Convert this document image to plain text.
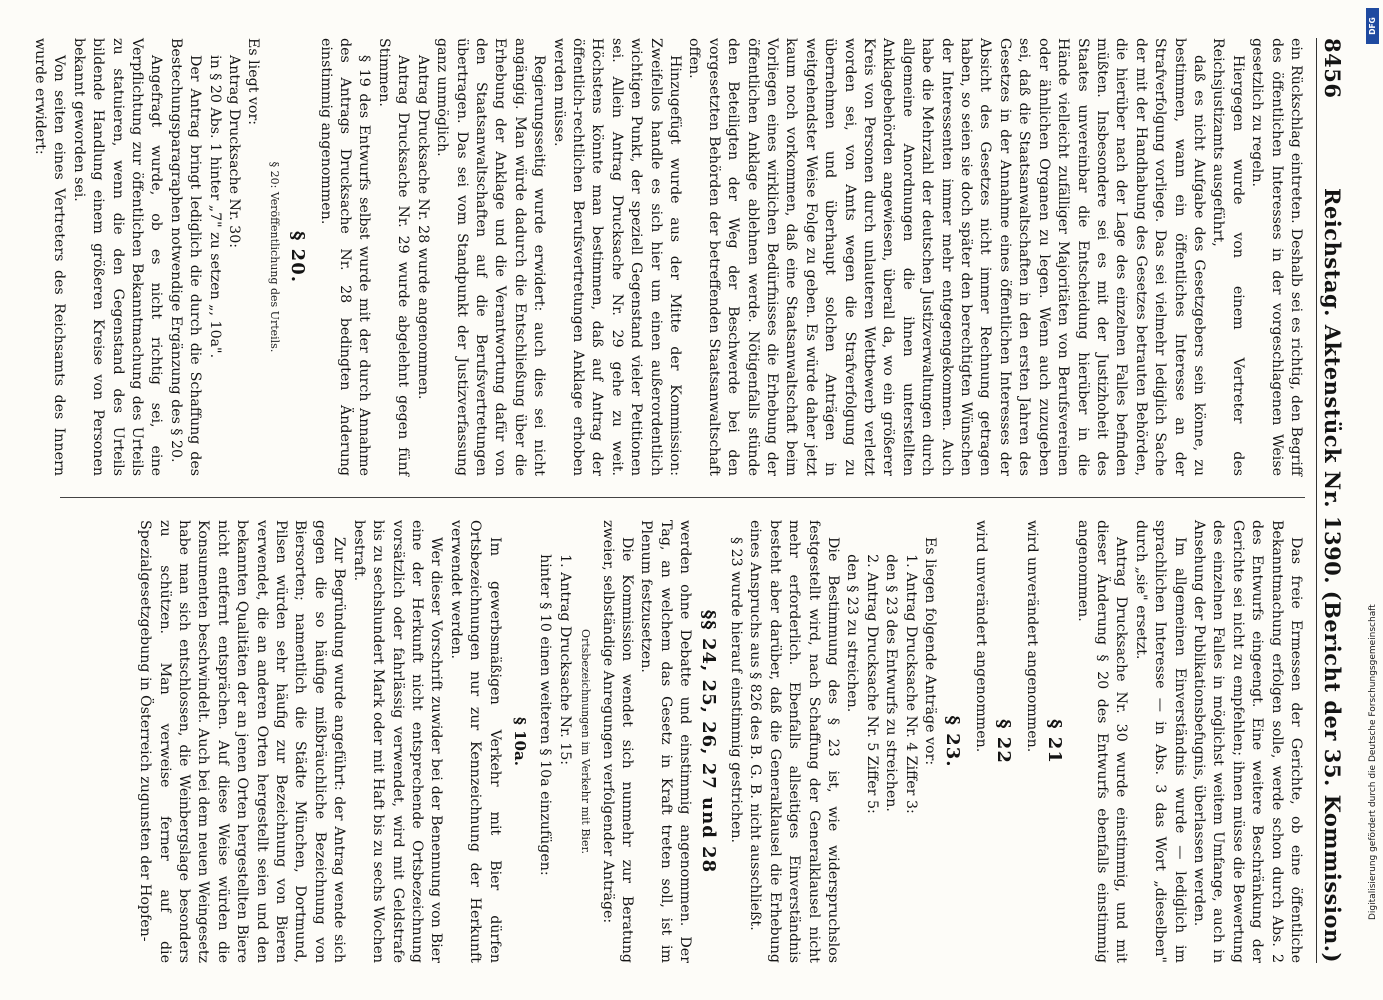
8456
Reichstag. Aktenstück Nr. 1390.
(Bericht der 35. Kommission.)

ein Rückschlag eintreten. Deshalb sei es richtig, den Begriff des öffentlichen Interesses in der vorgeschlagenen Weise gesetzlich zu regeln.

Hiergegen wurde von einem Vertreter des Reichsjustizamts ausgeführt,

daß es nicht Aufgabe des Gesetzgebers sein könne, zu bestimmen, wann ein öffentliches Interesse an der Strafverfolgung vorliege. Das sei vielmehr lediglich Sache der mit der Handhabung des Gesetzes betrauten Behörden, die hierüber nach der Lage des einzelnen Falles befinden müßten. Insbesondere sei es mit der Justizhoheit des Staates unvereinbar die Entscheidung hierüber in die Hände vielleicht zufälliger Majoritäten von Berufsvereinen oder ähnlichen Organen zu legen. Wenn auch zuzugeben sei, daß die Staatsanwaltschaften in den ersten Jahren des Gesetzes in der Annahme eines öffentlichen Interesses der Absicht des Gesetzes nicht immer Rechnung getragen haben, so seien sie doch später den berechtigten Wünschen der Interessenten immer mehr entgegengekommen. Auch habe die Mehrzahl der deutschen Justizverwaltungen durch allgemeine Anordnungen die ihnen unterstellten Anklagebehörden angewiesen, überall da, wo ein größerer Kreis von Personen durch unlauteren Wettbewerb verletzt worden sei, von Amts wegen die Strafverfolgung zu übernehmen und überhaupt solchen Anträgen in weitgehendster Weise Folge zu geben. Es würde daher jetzt kaum noch vorkommen, daß eine Staatsanwaltschaft beim Vorliegen eines wirklichen Bedürfnisses die Erhebung der öffentlichen Anklage ablehnen werde. Nötigenfalls stünde den Beteiligten der Weg der Beschwerde bei den vorgesetzten Behörden der betreffenden Staatsanwaltschaft offen.

Hinzugefügt wurde aus der Mitte der Kommission: Zweifellos handle es sich hier um einen außerordentlich wichtigen Punkt, der speziell Gegenstand vieler Petitionen sei. Allein Antrag Drucksache Nr. 29 gehe zu weit. Höchstens könnte man bestimmen, daß auf Antrag der öffentlich-rechtlichen Berufsvertretungen Anklage erhoben werden müsse.

Regierungsseitig wurde erwidert: auch dies sei nicht angängig. Man würde dadurch die Entschließung über die Erhebung der Anklage und die Verantwortung dafür von den Staatsanwaltschaften auf die Berufsvertretungen übertragen. Das sei vom Standpunkt der Justizverfassung ganz unmöglich.

Antrag Drucksache Nr. 28 wurde angenommen.

Antrag Drucksache Nr. 29 wurde abgelehnt gegen fünf Stimmen.

§ 19 des Entwurfs selbst wurde mit der durch Annahme des Antrags Drucksache Nr. 28 bedingten Änderung einstimmig angenommen.

§ 20.
§ 20: Veröffentlichung des Urteils.

Es liegt vor:

Antrag Drucksache Nr. 30:

in § 20 Abs. 1 hinter „7" zu setzen „, 10a".

Der Antrag bringt lediglich die durch die Schaffung des Bestechungsparagraphen notwendige Ergänzung des § 20.

Angefragt wurde, ob es nicht richtig sei, eine Verpflichtung zur öffentlichen Bekanntmachung des Urteils zu statuieren, wenn die den Gegenstand des Urteils bildende Handlung einem größeren Kreise von Personen bekannt geworden sei.

Von seiten eines Vertreters des Reichsamts des Innern wurde erwidert:

Das freie Ermessen der Gerichte, ob eine öffentliche Bekanntmachung erfolgen solle, werde schon durch Abs. 2 des Entwurfs eingeengt. Eine weitere Beschränkung der Gerichte sei nicht zu empfehlen; ihnen müsse die Bewertung des einzelnen Falles in möglichst weitem Umfange, auch in Ansehung der Publikationsbefugnis, überlassen werden.

Im allgemeinen Einverständnis wurde — lediglich im sprachlichen Interesse — in Abs. 3 das Wort „dieselben" durch „sie" ersetzt.

Antrag Drucksache Nr. 30 wurde einstimmig, und mit dieser Änderung § 20 des Entwurfs ebenfalls einstimmig angenommen.

§ 21

wird unverändert angenommen.

§ 22

wird unverändert angenommen.

§ 23.

Es liegen folgende Anträge vor:

1. Antrag Drucksache Nr. 4 Ziffer 3:

den § 23 des Entwurfs zu streichen.

2. Antrag Drucksache Nr. 5 Ziffer 5:

den § 23 zu streichen.

Die Bestimmung des § 23 ist, wie widerspruchslos festgestellt wird, nach Schaffung der Generalklausel nicht mehr erforderlich. Ebenfalls allseitiges Einverständnis besteht aber darüber, daß die Generalklausel die Erhebung eines Anspruchs aus § 826 des B. G. B. nicht ausschließt.

§ 23 wurde hierauf einstimmig gestrichen.

§§ 24, 25, 26, 27 und 28

werden ohne Debatte und einstimmig angenommen. Der Tag, an welchem das Gesetz in Kraft treten soll, ist im Plenum festzusetzen.

Die Kommission wendet sich nunmehr zur Beratung zweier, selbständige Anregungen verfolgender Anträge:

Ortsbezeichnungen im Verkehr mit Bier.

1. Antrag Drucksache Nr. 15:

hinter § 10 einen weiteren § 10a einzufügen:

§ 10a.

Im gewerbsmäßigen Verkehr mit Bier dürfen Ortsbezeichnungen nur zur Kennzeichnung der Herkunft verwendet werden.

Wer dieser Vorschrift zuwider bei der Benennung von Bier eine der Herkunft nicht entsprechende Ortsbezeichnung vorsätzlich oder fahrlässig verwendet, wird mit Geldstrafe bis zu sechshundert Mark oder mit Haft bis zu sechs Wochen bestraft.

Zur Begründung wurde angeführt: der Antrag wende sich gegen die so häufige mißbräuchliche Bezeichnung von Biersorten; namentlich die Städte München, Dortmund, Pilsen würden sehr häufig zur Bezeichnung von Bieren verwendet, die an anderen Orten hergestellt seien und den bekannten Qualitäten der an jenen Orten hergestellten Biere nicht entfernt entsprächen. Auf diese Weise würden die Konsumenten beschwindelt. Auch bei dem neuen Weingesetz habe man sich entschlossen, die Weinbergslage besonders zu schützen. Man verweise ferner auf die Spezialgesetzgebung in Österreich zugunsten der Hopfen-	Digitalisierung gefördert durch die Deutsche Forschungsgemeinschaft
DFG
